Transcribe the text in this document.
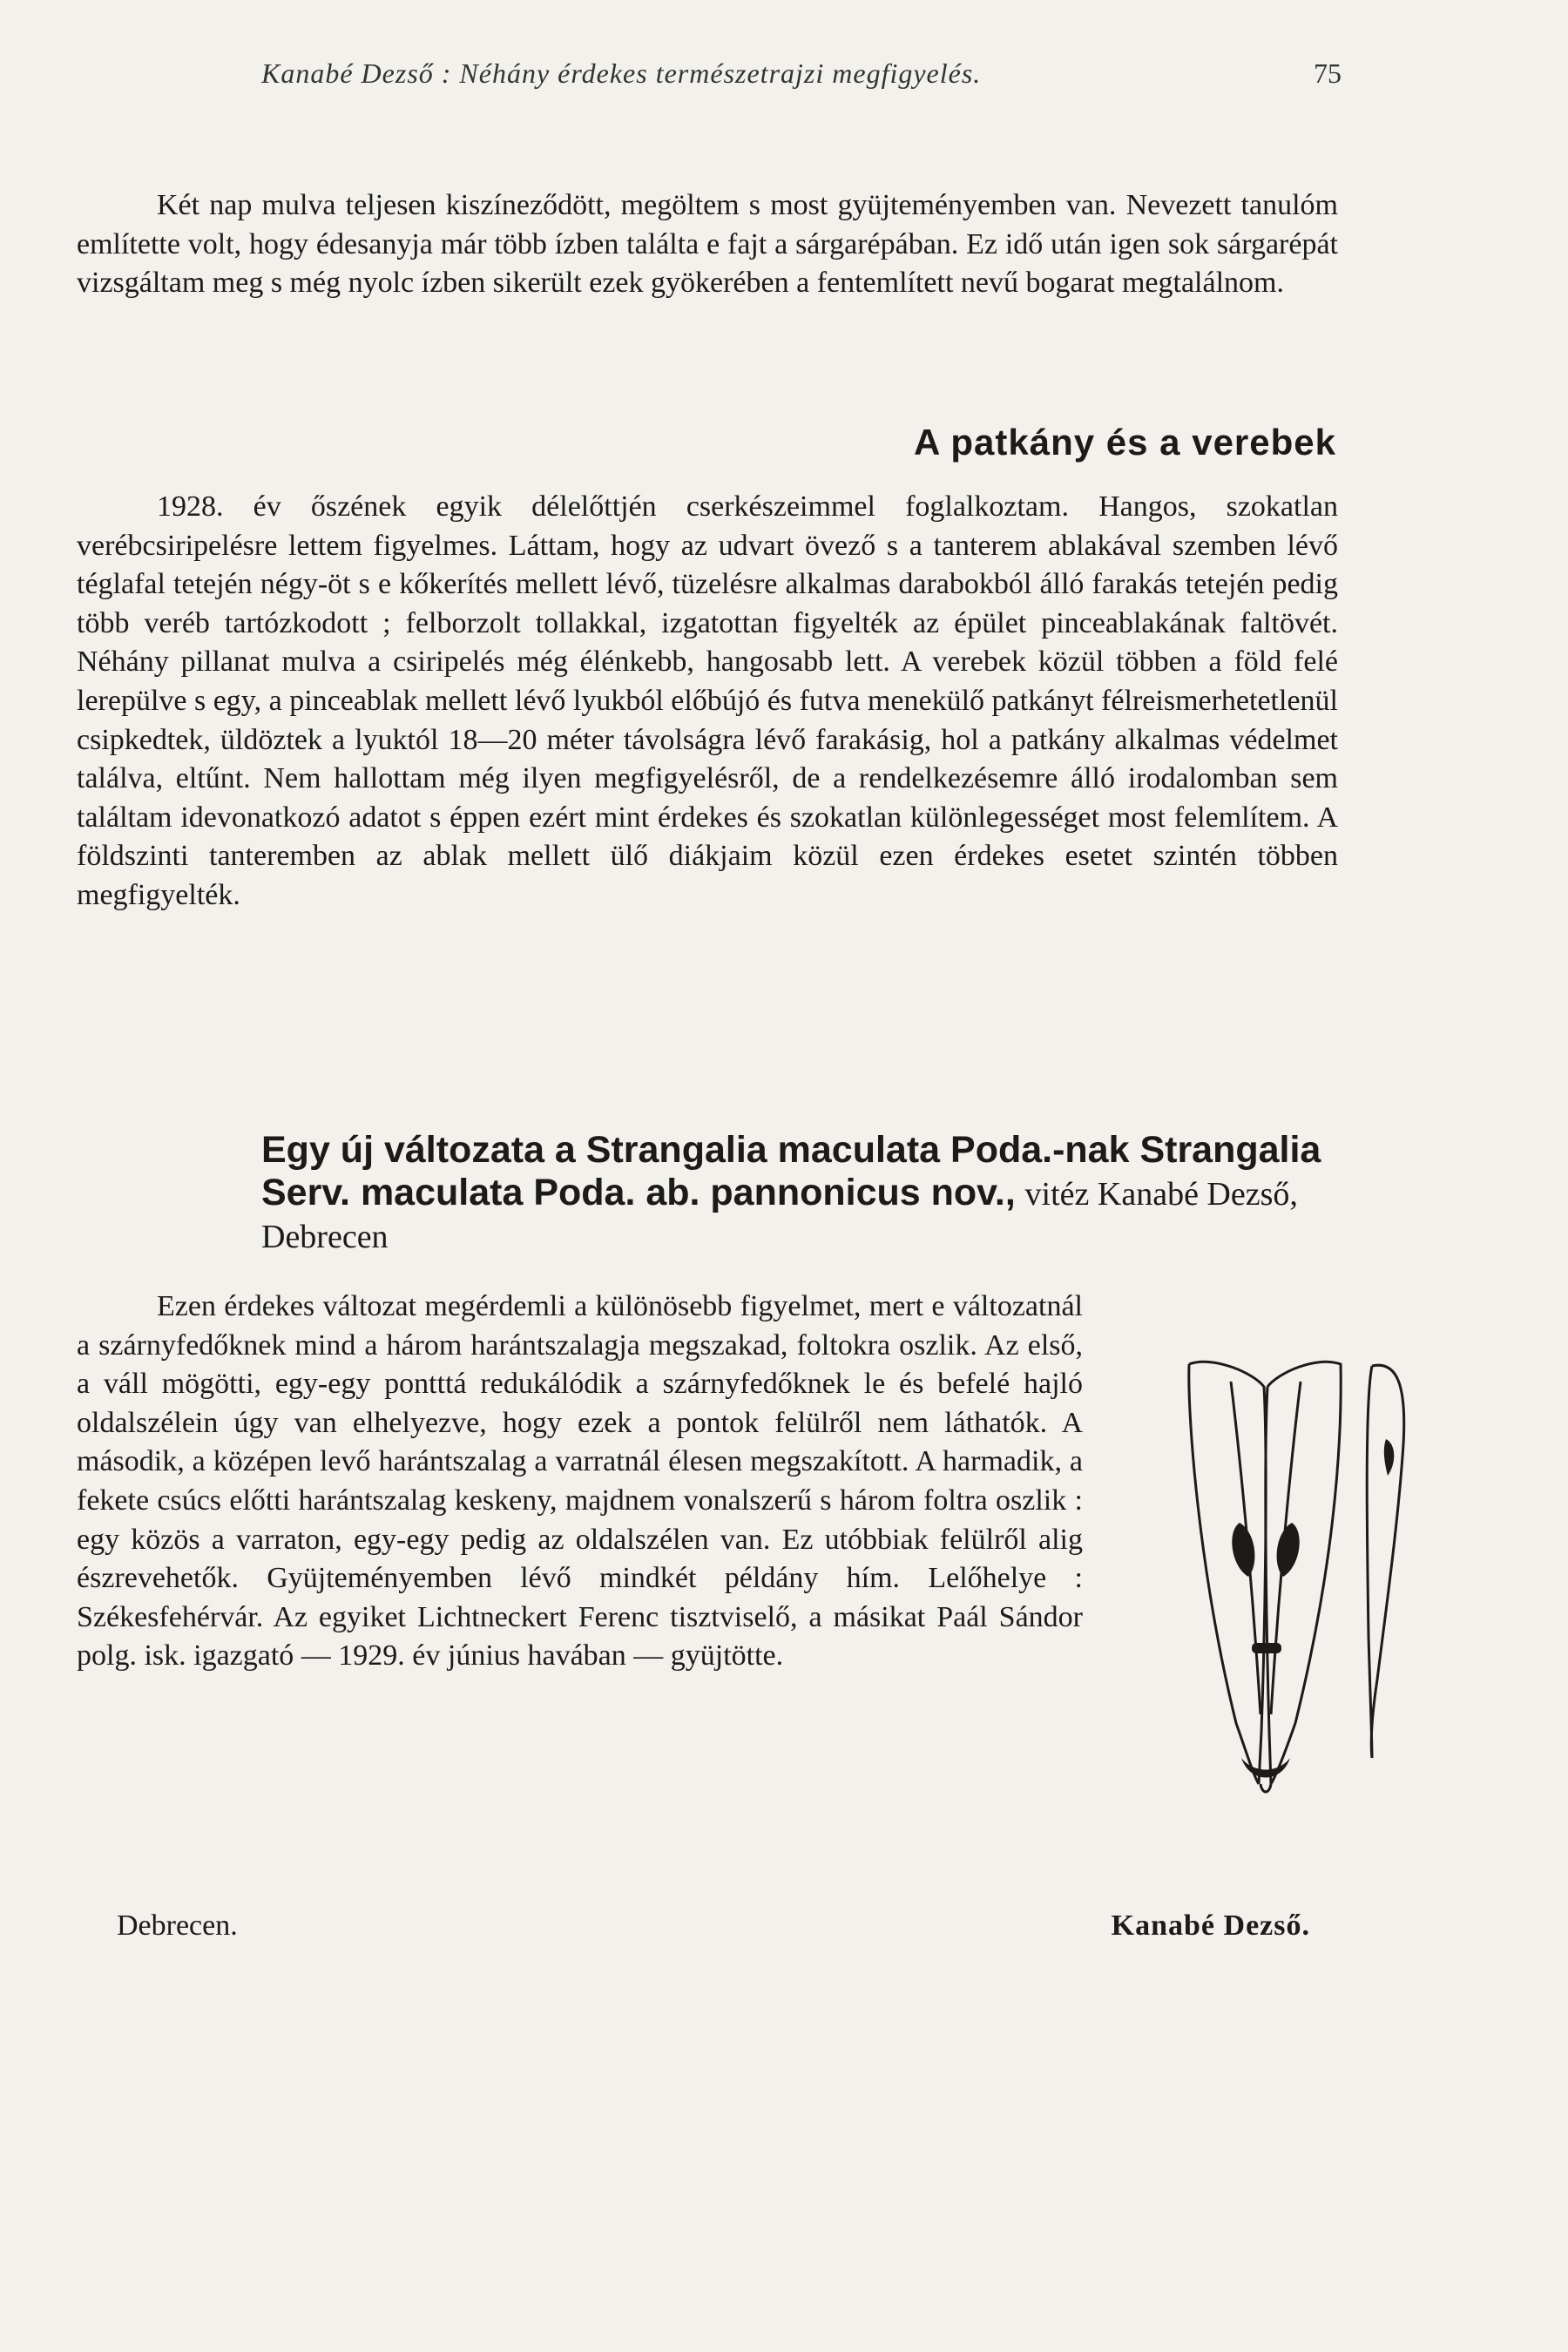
Kanabé Dezső : Néhány érdekes természetrajzi megfigyelés.	75

Két nap mulva teljesen kiszíneződött, megöltem s most gyüjteményemben van. Nevezett tanulóm említette volt, hogy édesanyja már több ízben találta e fajt a sárgarépában. Ez idő után igen sok sárgarépát vizsgáltam meg s még nyolc ízben sikerült ezek gyökerében a fentemlített nevű bogarat megtalálnom.

A patkány és a verebek

1928. év őszének egyik délelőttjén cserkészeimmel foglalkoztam. Hangos, szokatlan verébcsiripelésre lettem figyelmes. Láttam, hogy az udvart övező s a tanterem ablakával szemben lévő téglafal tetején négy-öt s e kőkerítés mellett lévő, tüzelésre alkalmas darabokból álló farakás tetején pedig több veréb tartózkodott ; felborzolt tollakkal, izgatottan figyelték az épület pinceablakának faltövét. Néhány pillanat mulva a csiripelés még élénkebb, hangosabb lett. A verebek közül többen a föld felé lerepülve s egy, a pinceablak mellett lévő lyukból előbújó és futva menekülő patkányt félreismerhetetlenül csipkedtek, üldöztek a lyuktól 18—20 méter távolságra lévő farakásig, hol a patkány alkalmas védelmet találva, eltűnt. Nem hallottam még ilyen megfigyelésről, de a rendelkezésemre álló irodalomban sem találtam idevonatkozó adatot s éppen ezért mint érdekes és szokatlan különlegességet most felemlítem. A földszinti tanteremben az ablak mellett ülő diákjaim közül ezen érdekes esetet szintén többen megfigyelték.

Egy új változata a Strangalia maculata Poda.-nak Strangalia Serv. maculata Poda. ab. pannonicus nov., vitéz Kanabé Dezső, Debrecen
Ezen érdekes változat megérdemli a különösebb figyelmet, mert e változatnál a szárnyfedőknek mind a három harántszalagja megszakad, foltokra oszlik. Az első, a váll mögötti, egy-egy pontttá redukálódik a szárnyfedőknek le és befelé hajló oldalszélein úgy van elhelyezve, hogy ezek a pontok felülről nem láthatók. A második, a középen levő harántszalag a varratnál élesen megszakított. A harmadik, a fekete csúcs előtti harántszalag keskeny, majdnem vonalszerű s három foltra oszlik : egy közös a varraton, egy-egy pedig az oldalszélen van. Ez utóbbiak felülről alig észrevehetők. Gyüjteményemben lévő mindkét példány hím. Lelőhelye : Székesfehérvár. Az egyiket Lichtneckert Ferenc tisztviselő, a másikat Paál Sándor polg. isk. igazgató — 1929. év június havában — gyüjtötte.
Debrecen.	Kanabé Dezső.
